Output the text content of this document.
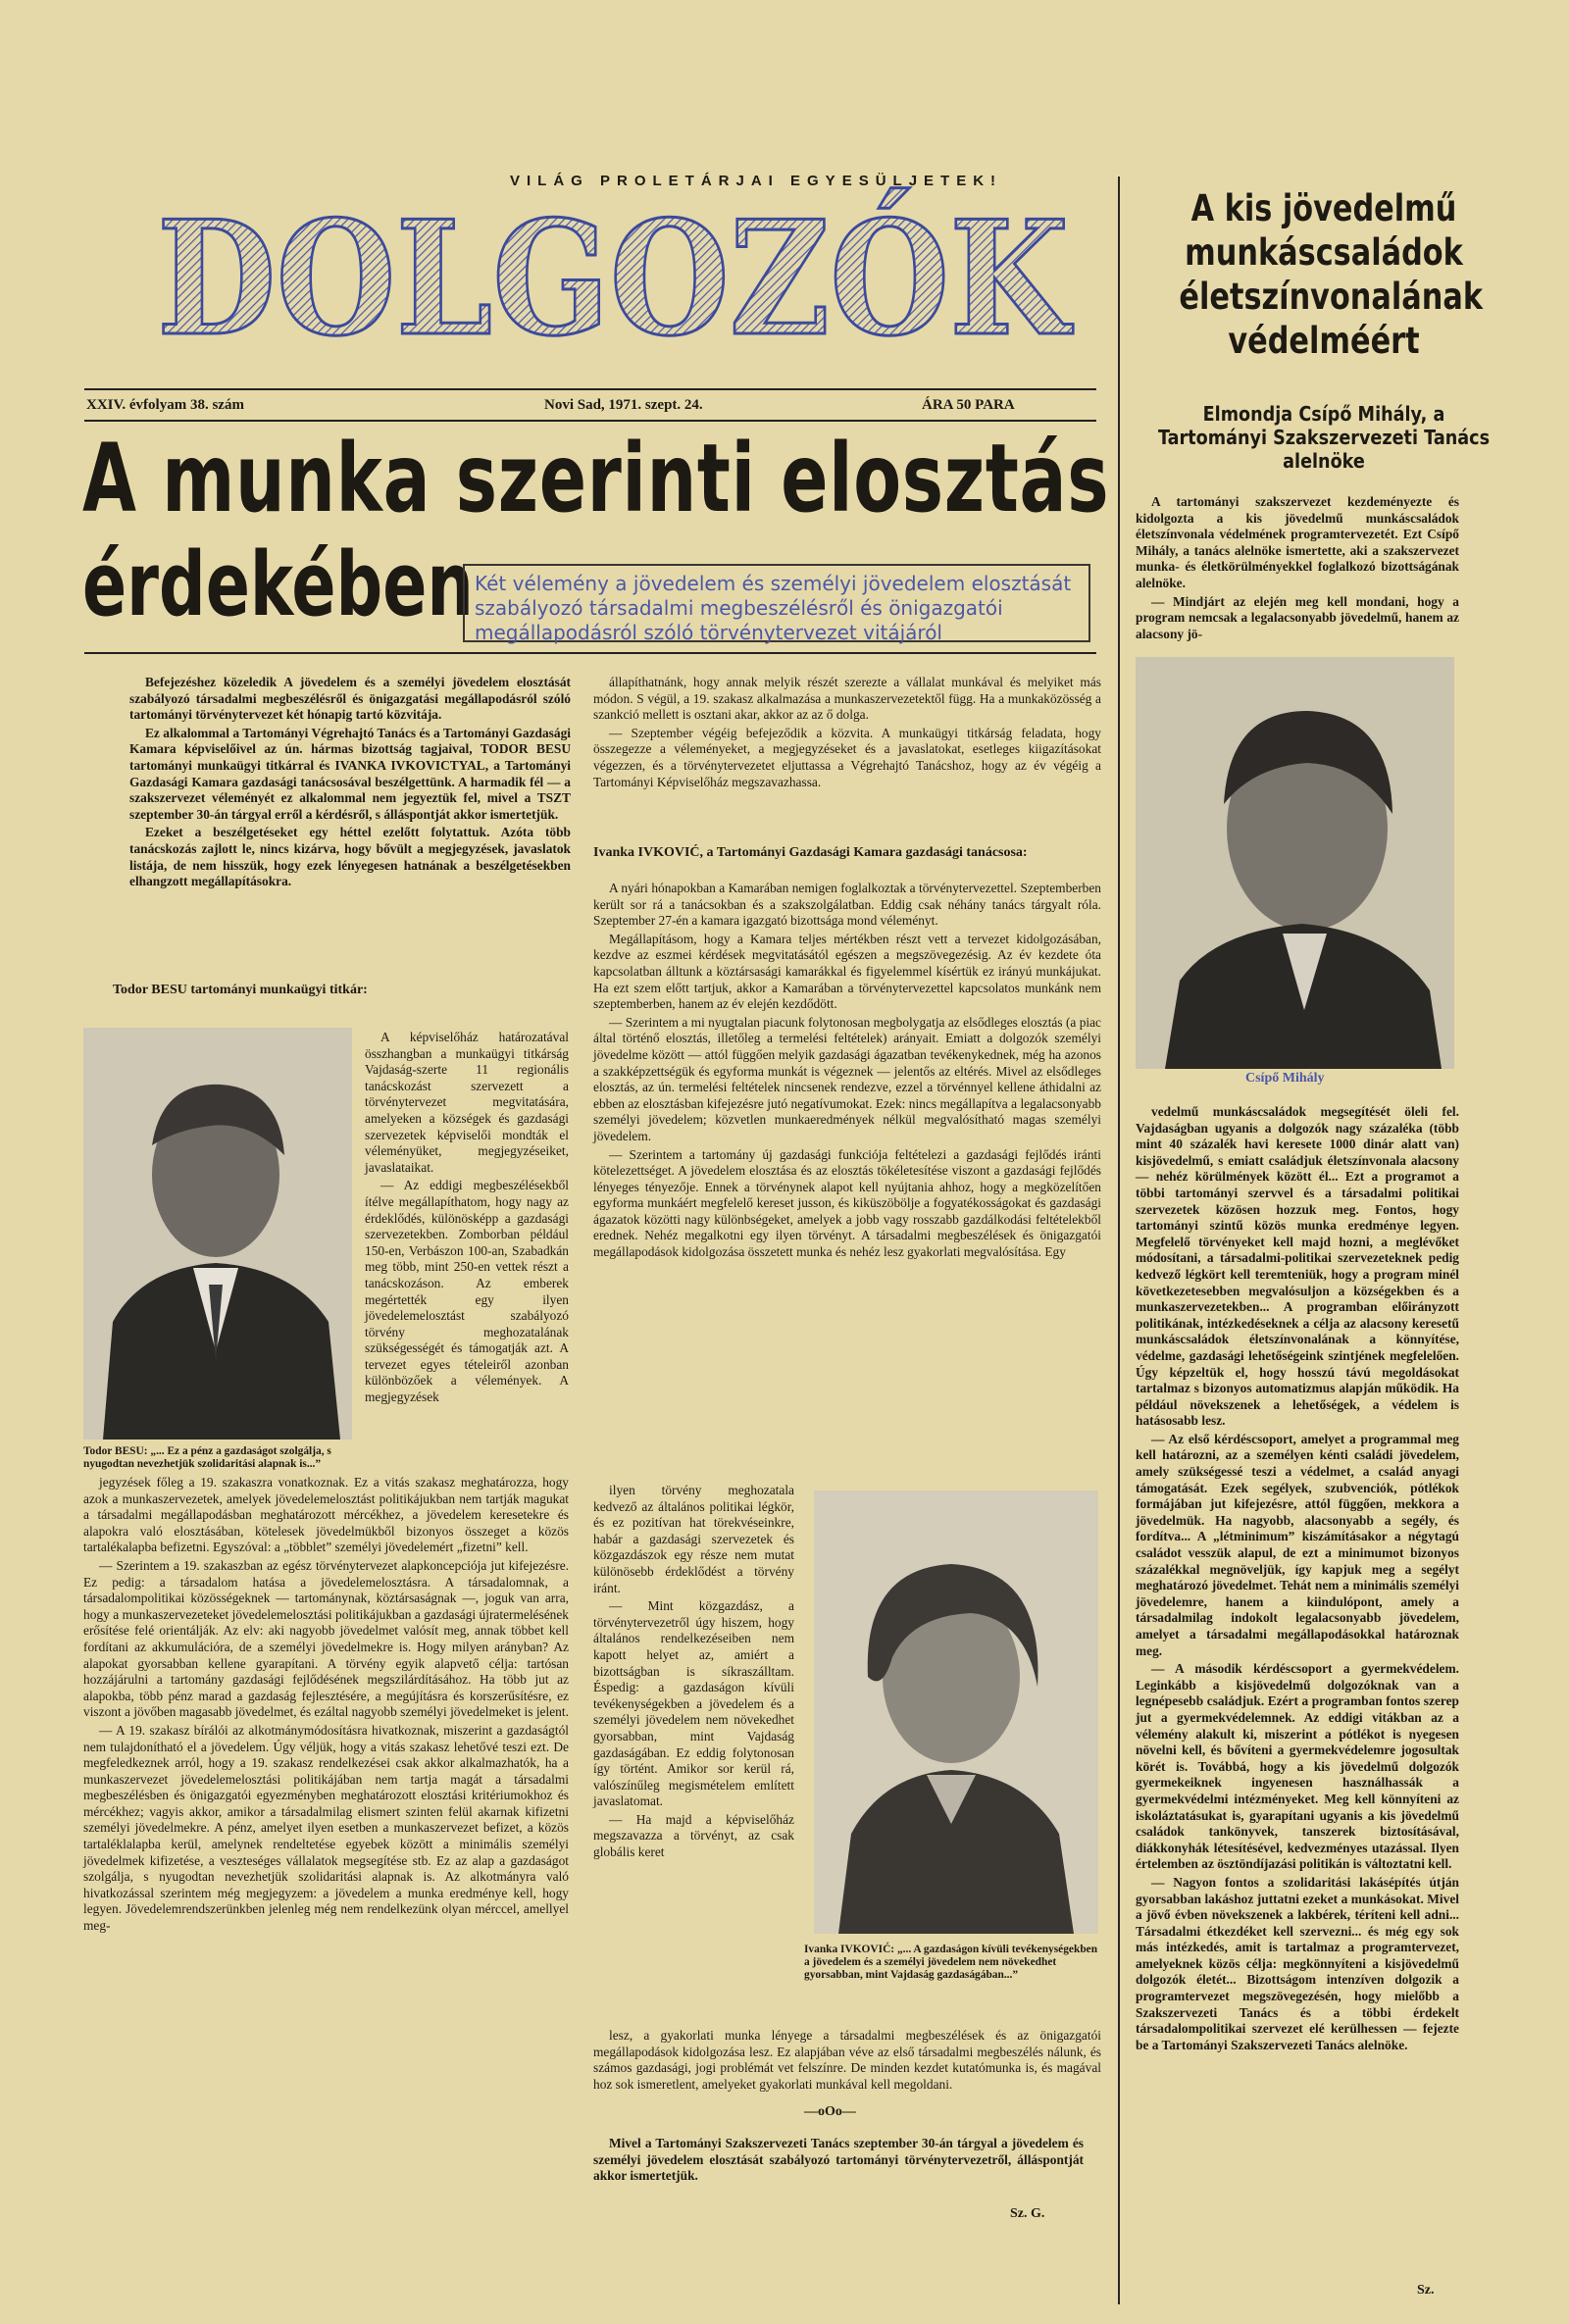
VILÁG PROLETÁRJAI EGYESÜLJETEK!
DOLGOZÓK
XXIV. évfolyam 38. szám	Novi Sad, 1971. szept. 24.	ÁRA 50 PARA
A munka szerinti elosztás
érdekében Két vélemény a jövedelem és személyi jövedelem elosztását szabályozó társadalmi megbeszélésről és önigazgatói megállapodásról szóló törvénytervezet vitájáról

Befejezéshez közeledik A jövedelem és a személyi jövedelem elosztását szabályozó társadalmi megbeszélésről és önigazgatási megállapodásról szóló tartományi törvénytervezet két hónapig tartó közvitája.

Ez alkalommal a Tartományi Végrehajtó Tanács és a Tartományi Gazdasági Kamara képviselőivel az ún. hármas bizottság tagjaival, TODOR BESU tartományi munkaügyi titkárral és IVANKA IVKOVICTYAL, a Tartományi Gazdasági Kamara gazdasági tanácsosával beszélgettünk. A harmadik fél — a szakszervezet véleményét ez alkalommal nem jegyeztük fel, mivel a TSZT szeptember 30-án tárgyal erről a kérdésről, s álláspontját akkor ismertetjük.

Ezeket a beszélgetéseket egy héttel ezelőtt folytattuk. Azóta több tanácskozás zajlott le, nincs kizárva, hogy bővült a megjegyzések, javaslatok listája, de nem hisszük, hogy ezek lényegesen hatnának a beszélgetésekben elhangzott megállapításokra.

Todor BESU tartományi munkaügyi titkár:
Todor BESU: „... Ez a pénz a gazdaságot szolgálja, s nyugodtan nevezhetjük szolidaritási alapnak is...”

A képviselőház határozatával összhangban a munkaügyi titkárság Vajdaság-szerte 11 regionális tanácskozást szervezett a törvénytervezet megvitatására, amelyeken a községek és gazdasági szervezetek képviselői mondták el véleményüket, megjegyzéseiket, javaslataikat.

— Az eddigi megbeszélésekből ítélve megállapíthatom, hogy nagy az érdeklődés, különösképp a gazdasági szervezetekben. Zomborban például 150-en, Verbászon 100-an, Szabadkán meg több, mint 250-en vettek részt a tanácskozáson. Az emberek megértették egy ilyen jövedelemelosztást szabályozó törvény meghozatalának szükségességét és támogatják azt. A tervezet egyes tételeiről azonban különbözőek a vélemények. A megjegyzések

jegyzések főleg a 19. szakaszra vonatkoznak. Ez a vitás szakasz meghatározza, hogy azok a munkaszervezetek, amelyek jövedelemelosztást politikájukban nem tartják magukat a társadalmi megállapodásban meghatározott mércékhez, a jövedelem keresetekre és alapokra való elosztásában, kötelesek jövedelmükből bizonyos összeget a közös tartalékalapba befizetni. Egyszóval: a „többlet” személyi jövedelemért „fizetni” kell.

— Szerintem a 19. szakaszban az egész törvénytervezet alapkoncepciója jut kifejezésre. Ez pedig: a társadalom hatása a jövedelemelosztásra. A társadalomnak, a társadalompolitikai közösségeknek — tartománynak, köztársaságnak —, joguk van arra, hogy a munkaszervezeteket jövedelemelosztási politikájukban a gazdasági újratermelésének erősítése felé orientálják. Az elv: aki nagyobb jövedelmet valósít meg, annak többet kell fordítani az akkumulációra, de a személyi jövedelmekre is. Hogy milyen arányban? Az alapokat gyorsabban kellene gyarapítani. A törvény egyik alapvető célja: tartósan hozzájárulni a tartomány gazdasági fejlődésének megszilárdításához. Ha több jut az alapokba, több pénz marad a gazdaság fejlesztésére, a megújításra és korszerűsítésre, ez viszont a jövőben magasabb jövedelmet, és ezáltal nagyobb személyi jövedelmeket is jelent.

— A 19. szakasz bírálói az alkotmánymódosításra hivatkoznak, miszerint a gazdaságtól nem tulajdonítható el a jövedelem. Úgy véljük, hogy a vitás szakasz lehetővé teszi ezt. De megfeledkeznek arról, hogy a 19. szakasz rendelkezései csak akkor alkalmazhatók, ha a munkaszervezet jövedelemelosztási politikájában nem tartja magát a társadalmi megbeszélésben és önigazgatói egyezményben meghatározott elosztási kritériumokhoz és mércékhez; vagyis akkor, amikor a társadalmilag elismert szinten felül akarnak kifizetni személyi jövedelmekre. A pénz, amelyet ilyen esetben a munkaszervezet befizet, a közös tartaléklalapba kerül, amelynek rendeltetése egyebek között a minimális személyi jövedelmek kifizetése, a veszteséges vállalatok megsegítése stb. Ez az alap a gazdaságot szolgálja, s nyugodtan nevezhetjük szolidaritási alapnak is. Az alkotmányra való hivatkozással szerintem még megjegyzem: a jövedelem a munka eredménye kell, hogy legyen. Jövedelemrendszerünkben jelenleg még nem rendelkezünk olyan mérccel, amellyel meg-

állapíthatnánk, hogy annak melyik részét szerezte a vállalat munkával és melyiket más módon. S végül, a 19. szakasz alkalmazása a munkaszervezetektől függ. Ha a munkaközösség a szankció mellett is osztani akar, akkor az az ő dolga.

— Szeptember végéig befejeződik a közvita. A munkaügyi titkárság feladata, hogy összegezze a véleményeket, a megjegyzéseket és a javaslatokat, esetleges kiigazításokat végezzen, és a törvénytervezetet eljuttassa a Végrehajtó Tanácshoz, hogy az év végéig a Tartományi Képviselőház megszavazhassa.

Ivanka IVKOVIĆ, a Tartományi Gazdasági Kamara gazdasági tanácsosa:

A nyári hónapokban a Kamarában nemigen foglalkoztak a törvénytervezettel. Szeptemberben került sor rá a tanácsokban és a szakszolgálatban. Eddig csak néhány tanács tárgyalt róla. Szeptember 27-én a kamara igazgató bizottsága mond véleményt.

Megállapításom, hogy a Kamara teljes mértékben részt vett a tervezet kidolgozásában, kezdve az eszmei kérdések megvitatásától egészen a megszövegezésig. Az év kezdete óta kapcsolatban álltunk a köztársasági kamarákkal és figyelemmel kísértük ez irányú munkájukat. Ha ezt szem előtt tartjuk, akkor a Kamarában a törvénytervezettel kapcsolatos munkánk nem szeptemberben, hanem az év elején kezdődött.

— Szerintem a mi nyugtalan piacunk folytonosan megbolygatja az elsődleges elosztás (a piac által történő elosztás, illetőleg a termelési feltételek) arányait. Emiatt a dolgozók személyi jövedelme között — attól függően melyik gazdasági ágazatban tevékenykednek, még ha azonos a szakképzettségük és egyforma munkát is végeznek — jelentős az eltérés. Mivel az elsődleges elosztás, az ún. termelési feltételek nincsenek rendezve, ezzel a törvénnyel kellene áthidalni az ebben az elosztásban kifejezésre jutó negatívumokat. Ezek: nincs megállapítva a legalacsonyabb személyi jövedelem; közvetlen munkaeredmények nélkül megvalósítható magas személyi jövedelem.

— Szerintem a tartomány új gazdasági funkciója feltételezi a gazdasági fejlődés iránti kötelezettséget. A jövedelem elosztása és az elosztás tökéletesítése viszont a gazdasági fejlődés lényeges tényezője. Ennek a törvénynek alapot kell nyújtania ahhoz, hogy a megközelítően egyforma munkáért megfelelő kereset jusson, és kiküszöbölje a fogyatékosságokat és gazdasági ágazatok közötti nagy különbségeket, amelyek a jobb vagy rosszabb gazdálkodási feltételekből erednek. Nehéz megalkotni egy ilyen törvényt. A társadalmi megbeszélések és önigazgatói megállapodások kidolgozása összetett munka és nehéz lesz gyakorlati megvalósítása. Egy

ilyen törvény meghozatala kedvező az általános politikai légkör, és ez pozitívan hat törekvéseinkre, habár a gazdasági szervezetek és közgazdászok egy része nem mutat különösebb érdeklődést a törvény iránt.

— Mint közgazdász, a törvénytervezetről úgy hiszem, hogy általános rendelkezéseiben nem kapott helyet az, amiért a bizottságban is síkraszálltam. Éspedig: a gazdaságon kívüli tevékenységekben a jövedelem és a személyi jövedelem nem növekedhet gyorsabban, mint Vajdaság gazdaságában. Ez eddig folytonosan így történt. Amikor sor kerül rá, valószínűleg megismételem említett javaslatomat.

— Ha majd a képviselőház megszavazza a törvényt, az csak globális keret

Ivanka IVKOVIĆ: „... A gazdaságon kívüli tevékenységekben a jövedelem és a személyi jövedelem nem növekedhet gyorsabban, mint Vajdaság gazdaságában...”

lesz, a gyakorlati munka lényege a társadalmi megbeszélések és az önigazgatói megállapodások kidolgozása lesz. Ez alapjában véve az első társadalmi megbeszélés nálunk, és számos gazdasági, jogi problémát vet felszínre. De minden kezdet kutatómunka is, és magával hoz sok ismeretlent, amelyeket gyakorlati munkával kell megoldani.

—oOo—

Mivel a Tartományi Szakszervezeti Tanács szeptember 30-án tárgyal a jövedelem és személyi jövedelem elosztását szabályozó tartományi törvénytervezetről, álláspontját akkor ismertetjük.

Sz. G.
A kis jövedelmű munkáscsaládok életszínvonalának védelméért
Elmondja Csípő Mihály, a Tartományi Szakszervezeti Tanács alelnöke

A tartományi szakszervezet kezdeményezte és kidolgozta a kis jövedelmű munkáscsaládok életszínvonala védelmének programtervezetét. Ezt Csípő Mihály, a tanács alelnöke ismertette, aki a szakszervezet munka- és életkörülményekkel foglalkozó bizottságának alelnöke.

— Mindjárt az elején meg kell mondani, hogy a program nemcsak a legalacsonyabb jövedelmű, hanem az alacsony jö-

Csípő Mihály

vedelmű munkáscsaládok megsegítését öleli fel. Vajdaságban ugyanis a dolgozók nagy százaléka (több mint 40 százalék havi keresete 1000 dinár alatt van) kisjövedelmű, s emiatt családjuk életszínvonala alacsony — nehéz körülmények között él... Ezt a programot a többi tartományi szervvel és a társadalmi politikai szervezetek közösen hozzuk meg. Fontos, hogy tartományi szintű közös munka eredménye legyen. Megfelelő törvényeket kell majd hozni, a meglévőket módosítani, a társadalmi-politikai szervezeteknek pedig kedvező légkört kell teremteniük, hogy a program minél következetesebben megvalósuljon a községekben és a munkaszervezetekben... A programban előirányzott politikának, intézkedéseknek a célja az alacsony keresetű munkáscsaládok életszínvonalának a könnyítése, védelme, gazdasági lehetőségeink szintjének megfelelően. Úgy képzeltük el, hogy hosszú távú megoldásokat tartalmaz s bizonyos automatizmus alapján működik. Ha például növekszenek a lehetőségek, a védelem is hatásosabb lesz.

— Az első kérdéscsoport, amelyet a programmal meg kell határozni, az a személyen kénti családi jövedelem, amely szükségessé teszi a védelmet, a család anyagi támogatását. Ezek segélyek, szubvenciók, pótlékok formájában jut kifejezésre, attól függően, mekkora a jövedelmük. Ha nagyobb, alacsonyabb a segély, és fordítva... A „létminimum” kiszámításakor a négytagú családot vesszük alapul, de ezt a minimumot bizonyos százalékkal megnöveljük, így kapjuk meg a segélyt meghatározó jövedelmet. Tehát nem a minimális személyi jövedelemre, hanem a kiindulópont, amely a társadalmilag indokolt legalacsonyabb jövedelem, amelyet a társadalmi megállapodásokkal határoznak meg.

— A második kérdéscsoport a gyermekvédelem. Leginkább a kisjövedelmű dolgozóknak van a legnépesebb családjuk. Ezért a programban fontos szerep jut a gyermekvédelemnek. Az eddigi vitákban az a vélemény alakult ki, miszerint a pótlékot is nyegesen növelni kell, és bővíteni a gyermekvédelemre jogosultak körét is. Továbbá, hogy a kis jövedelmű dolgozók gyermekeiknek ingyenesen használhassák a gyermekvédelmi intézményeket. Meg kell könnyíteni az iskoláztatásukat is, gyarapítani ugyanis a kis jövedelmű családok tankönyvek, tanszerek biztosításával, diákkonyhák létesítésével, kedvezményes utazással. Ilyen értelemben az ösztöndíjazási politikán is változtatni kell.

— Nagyon fontos a szolidaritási lakásépítés útján gyorsabban lakáshoz juttatni ezeket a munkásokat. Mivel a jövő évben növekszenek a lakbérek, téríteni kell adni... Társadalmi étkezdéket kell szervezni... és még egy sok más intézkedés, amit is tartalmaz a programtervezet, amelyeknek közös célja: megkönnyíteni a kisjövedelmű dolgozók életét... Bizottságom intenzíven dolgozik a programtervezet megszövegezésén, hogy mielőbb a Szakszervezeti Tanács és a többi érdekelt társadalompolitikai szervezet elé kerülhessen — fejezte be a Tartományi Szakszervezeti Tanács alelnöke.

Sz.
